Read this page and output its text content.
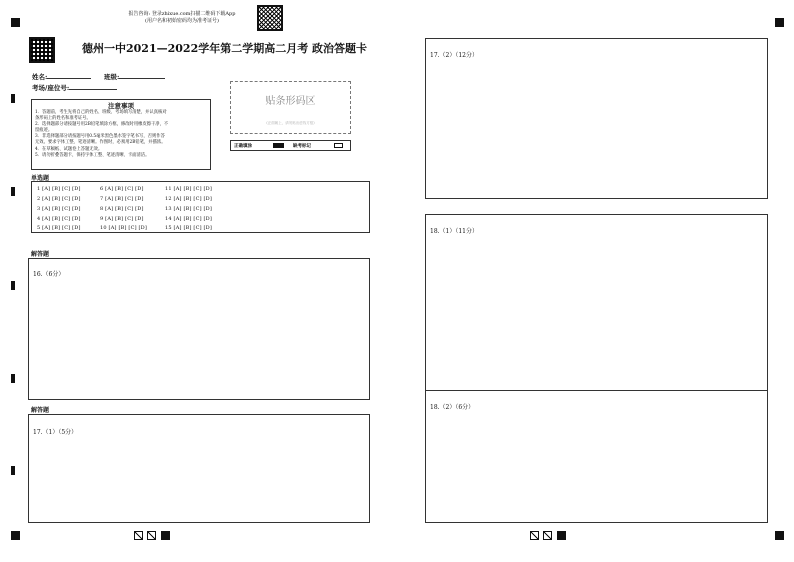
报告咨询: 登录zhixue.com扫描二维码下载App
(用户名和初始密码均为准考证号)
德州一中2021—2022学年第二学期高二月考 政治答题卡
姓名:	班级:
考场/座位号:
注意事项
1．答题前，考生先将自己的姓名、班级、考场填写清楚，并认真核对
条形码上的姓名和准考证号。
2．选择题部分请按题号用2B铅笔填涂方框，修改时用橡皮擦干净，不
留痕迹。
3．非选择题部分请按题号用0.5毫米黑色墨水签字笔书写，否则作答
无效。要求字体工整、笔迹清晰。作图时，必须用2B铅笔，并描浓。
4．在草稿纸、试题卷上答题无效。
5．请勿折叠答题卡，保持字体工整、笔迹清晰、卡面清洁。
贴条形码区
(正面朝上，请勿贴出虚线方框)
正确填涂	缺考标记
单选题
1 [A] [B] [C] [D]	6 [A] [B] [C] [D]	11 [A] [B] [C] [D]
2 [A] [B] [C] [D]	7 [A] [B] [C] [D]	12 [A] [B] [C] [D]
3 [A] [B] [C] [D]	8 [A] [B] [C] [D]	13 [A] [B] [C] [D]
4 [A] [B] [C] [D]	9 [A] [B] [C] [D]	14 [A] [B] [C] [D]
5 [A] [B] [C] [D]	10 [A] [B] [C] [D]	15 [A] [B] [C] [D]
解答题
16.（6分）
解答题
17.（1）（5分）
17.（2）（12分）
18.（1）（11分）
18.（2）（6分）
